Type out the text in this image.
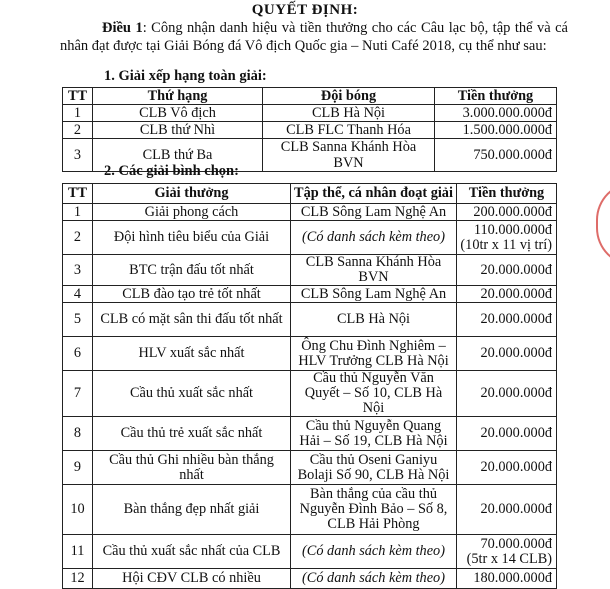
QUYẾT ĐỊNH:
Điều 1: Công nhận danh hiệu và tiền thưởng cho các Câu lạc bộ, tập thể và cá nhân đạt được tại Giải Bóng đá Vô địch Quốc gia – Nuti Café 2018, cụ thể như sau:
1. Giải xếp hạng toàn giải:
TT	Thứ hạng	Đội bóng	Tiền thưởng
1	CLB Vô địch	CLB Hà Nội	3.000.000.000đ
2	CLB thứ Nhì	CLB FLC Thanh Hóa	1.500.000.000đ
3	CLB thứ Ba	CLB Sanna Khánh Hòa BVN	750.000.000đ
2. Các giải bình chọn:
TT	Giải thưởng	Tập thể, cá nhân đoạt giải	Tiền thưởng
1	Giải phong cách	CLB Sông Lam Nghệ An	200.000.000đ
2	Đội hình tiêu biểu của Giải	(Có danh sách kèm theo)	110.000.000đ
(10tr x 11 vị trí)

3	BTC trận đấu tốt nhất	CLB Sanna Khánh Hòa BVN	20.000.000đ
4	CLB đào tạo trẻ tốt nhất	CLB Sông Lam Nghệ An	20.000.000đ
5	CLB có mặt sân thi đấu tốt nhất	CLB Hà Nội	20.000.000đ
6	HLV xuất sắc nhất	Ông Chu Đình Nghiêm – HLV Trưởng CLB Hà Nội	20.000.000đ
7	Cầu thủ xuất sắc nhất	Cầu thủ Nguyễn Văn Quyết – Số 10, CLB Hà Nội	20.000.000đ
8	Cầu thủ trẻ xuất sắc nhất	Cầu thủ Nguyễn Quang Hải – Số 19, CLB Hà Nội	20.000.000đ
9	Cầu thủ Ghi nhiều bàn thắng nhất	Cầu thủ Oseni Ganiyu Bolaji Số 90, CLB Hà Nội	20.000.000đ
10	Bàn thắng đẹp nhất giải	Bàn thắng của cầu thủ Nguyễn Đình Bảo – Số 8, CLB Hải Phòng	20.000.000đ
11	Cầu thủ xuất sắc nhất của CLB	(Có danh sách kèm theo)	70.000.000đ
(5tr x 14 CLB)

12	Hội CĐV CLB có nhiều	(Có danh sách kèm theo)	180.000.000đ
